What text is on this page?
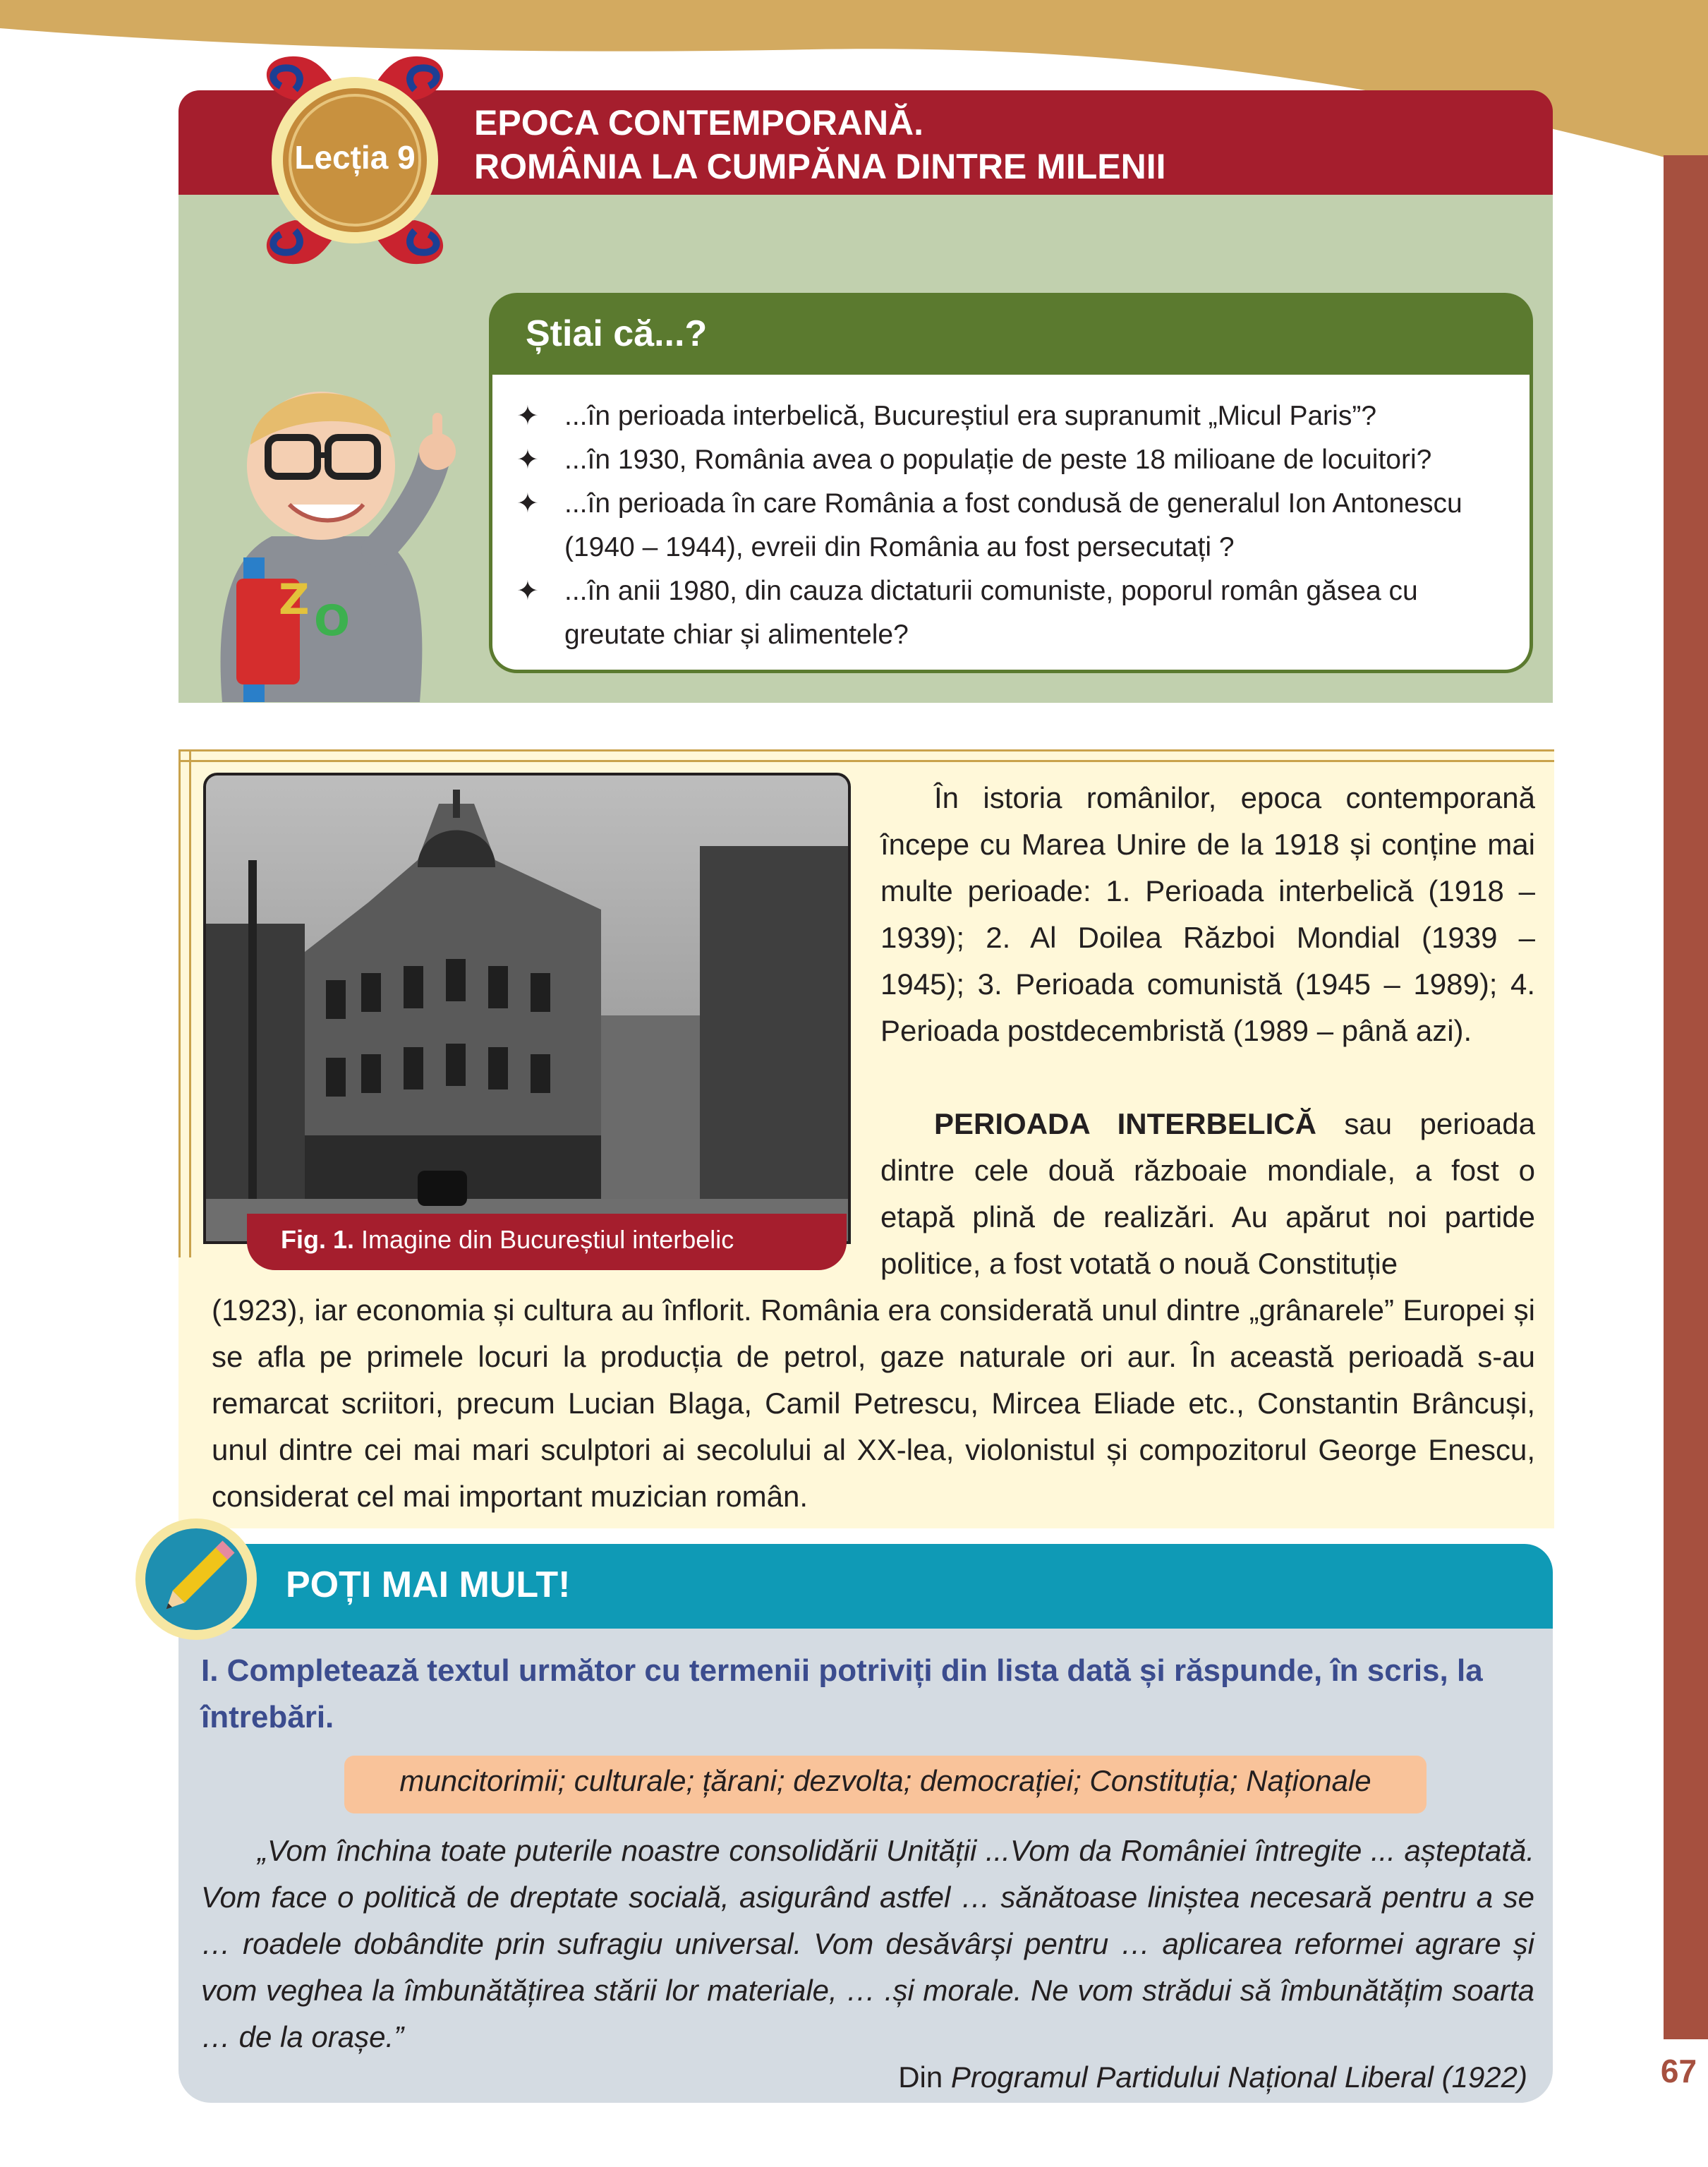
67
EPOCA CONTEMPORANĂ.
ROMÂNIA LA CUMPĂNA DINTRE MILENII
Lecția 9
Știai că...?
✦ ...în perioada interbelică, Bucureștiul era supranumit „Micul Paris”?
✦ ...în 1930, România avea o populație de peste 18 milioane de locuitori?
✦ ...în perioada în care România a fost condusă de generalul Ion Antonescu (1940 – 1944), evreii din România au fost persecutați ?
✦ ...în anii 1980, din cauza dictaturii comuniste, poporul român găsea cu greutate chiar și alimentele?
Z O
Fig. 1. Imagine din Bucureștiul interbelic
În istoria românilor, epoca contemporană începe cu Marea Unire de la 1918 și conține mai multe perioade: 1. Perioada interbelică (1918 – 1939); 2. Al Doilea Război Mondial (1939 – 1945); 3. Perioada comunistă (1945 – 1989); 4. Perioada postdecembristă (1989 – până azi).
PERIOADA INTERBELICĂ sau perioada dintre cele două războaie mondiale, a fost o etapă plină de realizări. Au apărut noi partide politice, a fost votată o nouă Constituție
(1923), iar economia și cultura au înflorit. România era considerată unul dintre „grânarele” Europei și se afla pe primele locuri la producția de petrol, gaze naturale ori aur. În această perioadă s-au remarcat scriitori, precum Lucian Blaga, Camil Petrescu, Mircea Eliade etc., Constantin Brâncuși, unul dintre cei mai mari sculptori ai secolului al XX-lea, violonistul și compozitorul George Enescu, considerat cel mai important muzician român.
POȚI MAI MULT!
I. Completează textul următor cu termenii potriviți din lista dată și răspunde, în scris, la întrebări.
muncitorimii; culturale; țărani; dezvolta; democrației; Constituția; Naționale
„Vom închina toate puterile noastre consolidării Unității ...Vom da României întregite ... așteptată. Vom face o politică de dreptate socială, asigurând astfel … sănătoase liniștea necesară pentru a se … roadele dobândite prin sufragiu universal. Vom desăvârși pentru … aplicarea reformei agrare și vom veghea la îmbunătățirea stării lor materiale, … .și morale. Ne vom strădui să îmbunătățim soarta … de la orașe.”
Din Programul Partidului Național Liberal (1922)
